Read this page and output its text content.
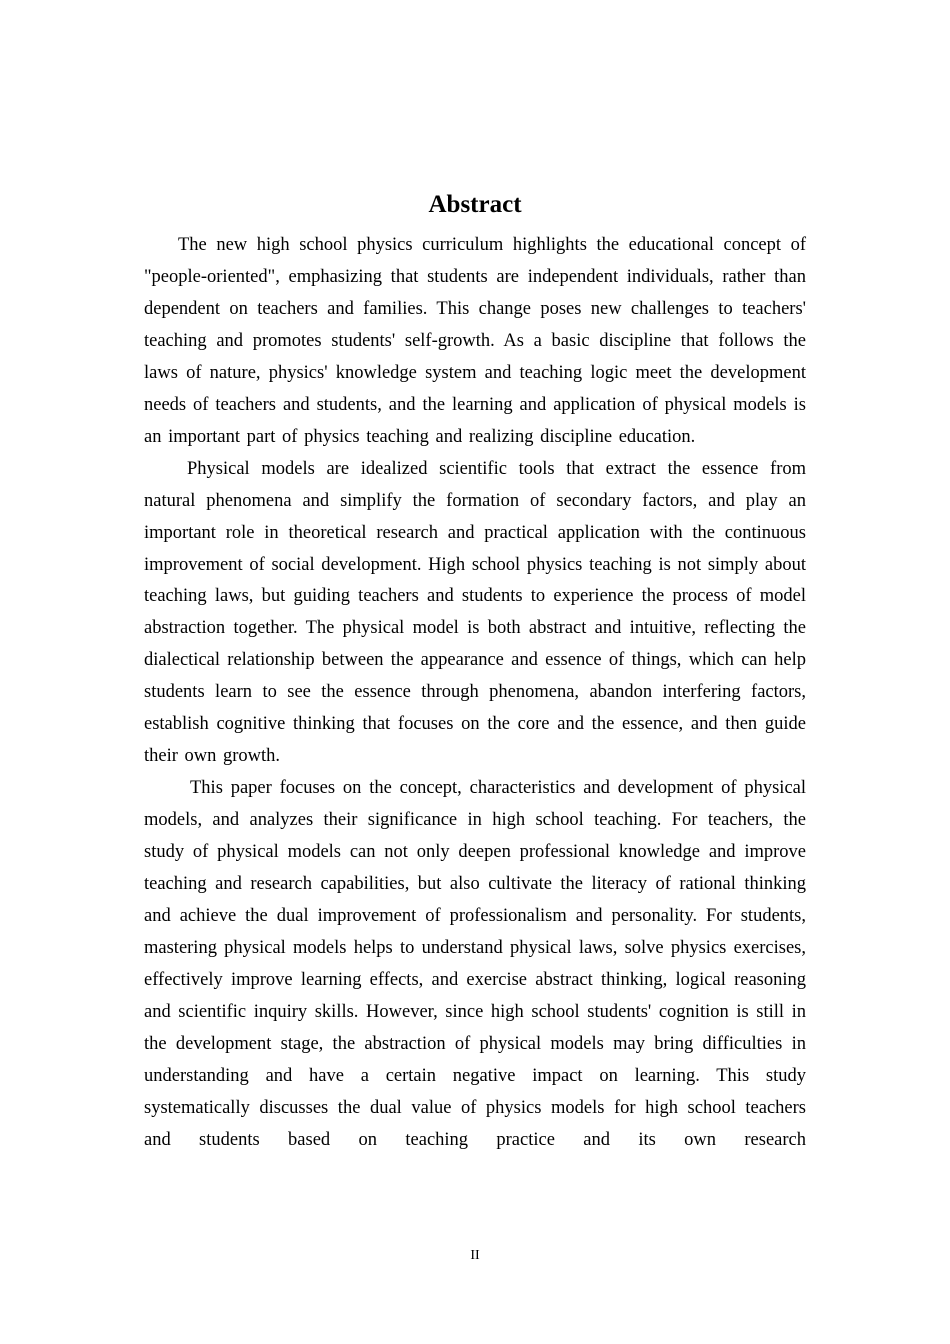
Abstract

The new high school physics curriculum highlights the educational concept of "people-oriented", emphasizing that students are independent individuals, rather than dependent on teachers and families. This change poses new challenges to teachers' teaching and promotes students' self-growth. As a basic discipline that follows the laws of nature, physics' knowledge system and teaching logic meet the development needs of teachers and students, and the learning and application of physical models is an important part of physics teaching and realizing discipline education.

Physical models are idealized scientific tools that extract the essence from natural phenomena and simplify the formation of secondary factors, and play an important role in theoretical research and practical application with the continuous improvement of social development. High school physics teaching is not simply about teaching laws, but guiding teachers and students to experience the process of model abstraction together. The physical model is both abstract and intuitive, reflecting the dialectical relationship between the appearance and essence of things, which can help students learn to see the essence through phenomena, abandon interfering factors, establish cognitive thinking that focuses on the core and the essence, and then guide their own growth.

This paper focuses on the concept, characteristics and development of physical models, and analyzes their significance in high school teaching. For teachers, the study of physical models can not only deepen professional knowledge and improve teaching and research capabilities, but also cultivate the literacy of rational thinking and achieve the dual improvement of professionalism and personality. For students, mastering physical models helps to understand physical laws, solve physics exercises, effectively improve learning effects, and exercise abstract thinking, logical reasoning and scientific inquiry skills. However, since high school students' cognition is still in the development stage, the abstraction of physical models may bring difficulties in understanding and have a certain negative impact on learning. This study systematically discusses the dual value of physics models for high school teachers and students based on teaching practice and its own research

II
